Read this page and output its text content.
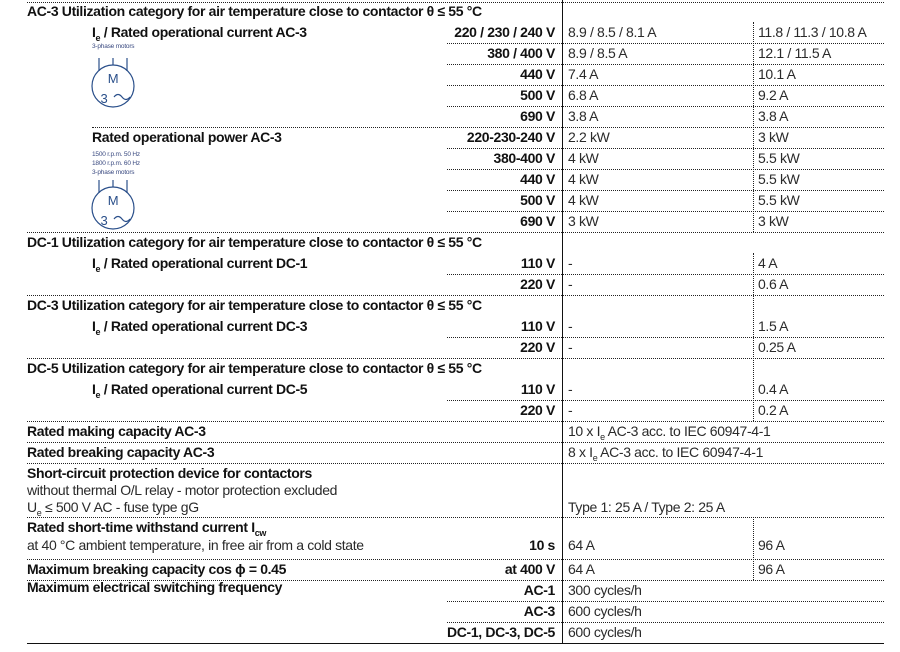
AC-3 Utilization category for air temperature close to contactor θ ≤ 55 °C
$I_e$ / Rated operational current AC-3
3-phase motors
M
3
220 / 230 / 240 V 8.9 / 8.5 / 8.1 A	11.8 / 11.3 / 10.8 A
380 / 400 V 8.9 / 8.5 A	12.1 / 11.5 A
440 V 7.4 A	10.1 A
500 V 6.8 A	9.2 A
690 V 3.8 A	3.8 A
Rated operational power AC-3
1500 r.p.m. 50 Hz
1800 r.p.m. 60 Hz
3-phase motors
M
3
220-230-240 V 2.2 kW	3 kW
380-400 V 4 kW	5.5 kW
440 V 4 kW	5.5 kW
500 V 4 kW	5.5 kW
690 V 3 kW	3 kW
DC-1 Utilization category for air temperature close to contactor θ ≤ 55 °C
$I_e$ / Rated operational current DC-1	110 V -	4 A
220 V -	0.6 A
DC-3 Utilization category for air temperature close to contactor θ ≤ 55 °C
$I_e$ / Rated operational current DC-3	110 V -	1.5 A
220 V -	0.25 A
DC-5 Utilization category for air temperature close to contactor θ ≤ 55 °C
$I_e$ / Rated operational current DC-5	110 V -	0.4 A
220 V -	0.2 A
Rated making capacity AC-3	10 x $I_e$ AC-3 acc. to IEC 60947-4-1
Rated breaking capacity AC-3	8 x $I_e$ AC-3 acc. to IEC 60947-4-1
Short-circuit protection device for contactors
without thermal O/L relay - motor protection excluded
$U_e \le 500$ V AC - fuse type gG	Type 1: 25 A / Type 2: 25 A
Rated short-time withstand current $I_{cw}$
at 40 °C ambient temperature, in free air from a cold state	10 s 64 A	96 A
Maximum breaking capacity cos ϕ = 0.45	at 400 V 64 A	96 A
Maximum electrical switching frequency	AC-1 300 cycles/h
AC-3 600 cycles/h
DC-1, DC-3, DC-5 600 cycles/h
